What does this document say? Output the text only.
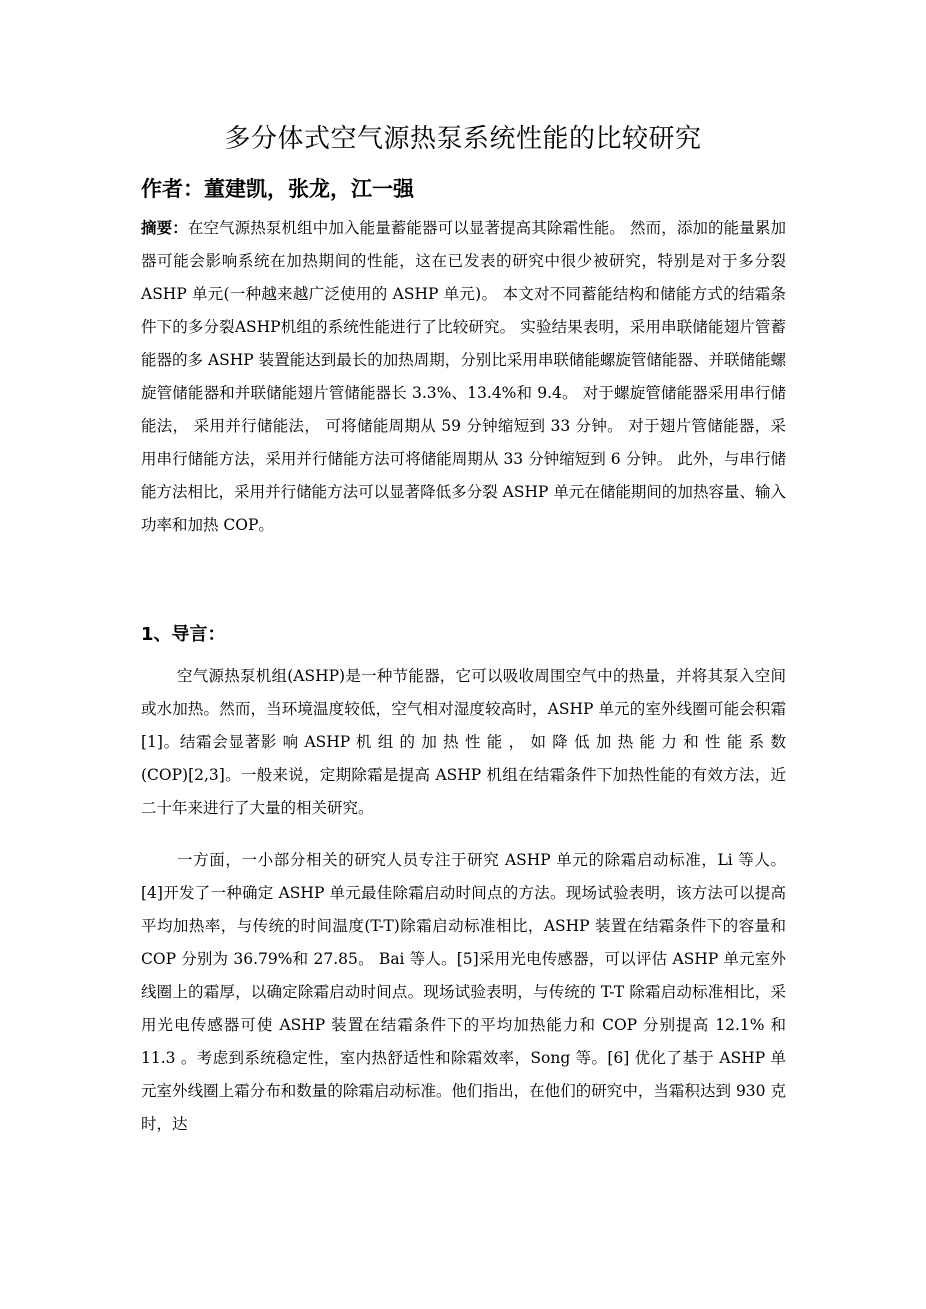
多分体式空气源热泵系统性能的比较研究
作者：董建凯，张龙，江一强
摘要：在空气源热泵机组中加入能量蓄能器可以显著提高其除霜性能。 然而，添加的能量累加器可能会影响系统在加热期间的性能，这在已发表的研究中很少被研究，特别是对于多分裂 ASHP 单元(一种越来越广泛使用的 ASHP 单元)。 本文对不同蓄能结构和储能方式的结霜条件下的多分裂ASHP机组的系统性能进行了比较研究。 实验结果表明，采用串联储能翅片管蓄能器的多 ASHP 装置能达到最长的加热周期，分别比采用串联储能螺旋管储能器、并联储能螺旋管储能器和并联储能翅片管储能器长 3.3%、13.4%和 9.4。 对于螺旋管储能器采用串行储能法， 采用并行储能法， 可将储能周期从 59 分钟缩短到 33 分钟。 对于翅片管储能器，采用串行储能方法，采用并行储能方法可将储能周期从 33 分钟缩短到 6 分钟。 此外，与串行储能方法相比，采用并行储能方法可以显著降低多分裂 ASHP 单元在储能期间的加热容量、输入功率和加热 COP。
1、导言：
空气源热泵机组(ASHP)是一种节能器，它可以吸收周围空气中的热量，并将其泵入空间或水加热。然而，当环境温度较低，空气相对湿度较高时，ASHP 单元的室外线圈可能会积霜[1]。结霜会显著影 响 ASHP 机 组 的 加 热 性 能 ， 如 降 低 加 热 能 力 和 性 能 系 数(COP)[2,3]。一般来说，定期除霜是提高 ASHP 机组在结霜条件下加热性能的有效方法，近二十年来进行了大量的相关研究。
一方面，一小部分相关的研究人员专注于研究 ASHP 单元的除霜启动标准，Li 等人。[4]开发了一种确定 ASHP 单元最佳除霜启动时间点的方法。现场试验表明，该方法可以提高平均加热率，与传统的时间温度(T-T)除霜启动标准相比，ASHP 装置在结霜条件下的容量和 COP 分别为 36.79%和 27.85。 Bai 等人。[5]采用光电传感器，可以评估 ASHP 单元室外线圈上的霜厚，以确定除霜启动时间点。现场试验表明，与传统的 T-T 除霜启动标准相比，采用光电传感器可使 ASHP 装置在结霜条件下的平均加热能力和 COP 分别提高 12.1% 和 11.3 。考虑到系统稳定性，室内热舒适性和除霜效率，Song 等。[6] 优化了基于 ASHP 单元室外线圈上霜分布和数量的除霜启动标准。他们指出，在他们的研究中，当霜积达到 930 克时，达
